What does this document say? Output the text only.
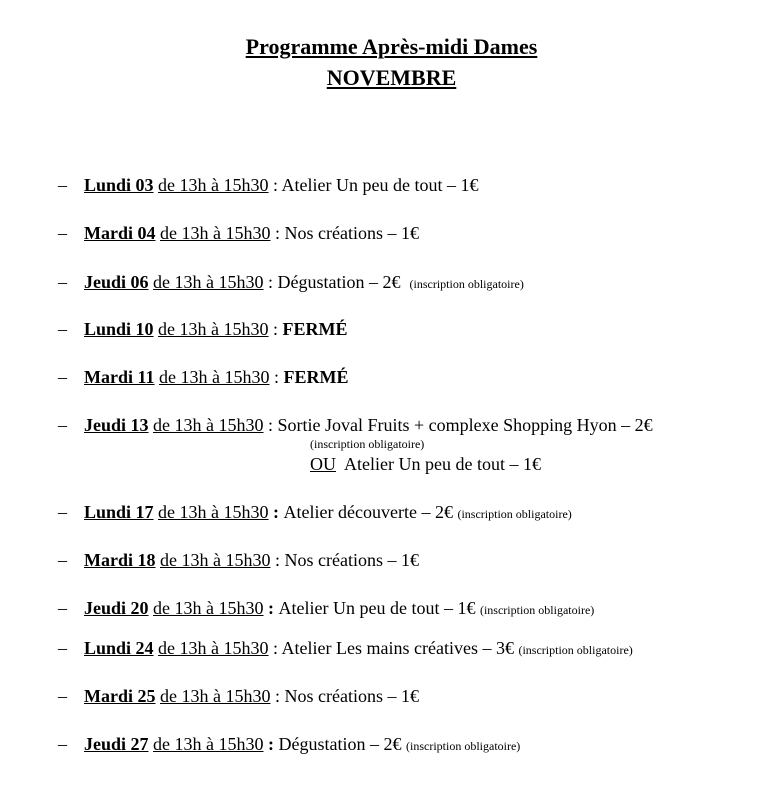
Programme Après-midi Dames
NOVEMBRE
– Lundi 03 de 13h à 15h30 : Atelier Un peu de tout – 1€
– Mardi 04 de 13h à 15h30 : Nos créations – 1€
– Jeudi 06 de 13h à 15h30 : Dégustation – 2€ (inscription obligatoire)
– Lundi 10 de 13h à 15h30 : FERMÉ
– Mardi 11 de 13h à 15h30 : FERMÉ
– Jeudi 13 de 13h à 15h30 : Sortie Joval Fruits + complexe Shopping Hyon – 2€
(inscription obligatoire)
OU Atelier Un peu de tout – 1€
– Lundi 17 de 13h à 15h30 : Atelier découverte – 2€ (inscription obligatoire)
– Mardi 18 de 13h à 15h30 : Nos créations – 1€
– Jeudi 20 de 13h à 15h30 : Atelier Un peu de tout – 1€ (inscription obligatoire)
– Lundi 24 de 13h à 15h30 : Atelier Les mains créatives – 3€ (inscription obligatoire)
– Mardi 25 de 13h à 15h30 : Nos créations – 1€
– Jeudi 27 de 13h à 15h30 : Dégustation – 2€ (inscription obligatoire)
